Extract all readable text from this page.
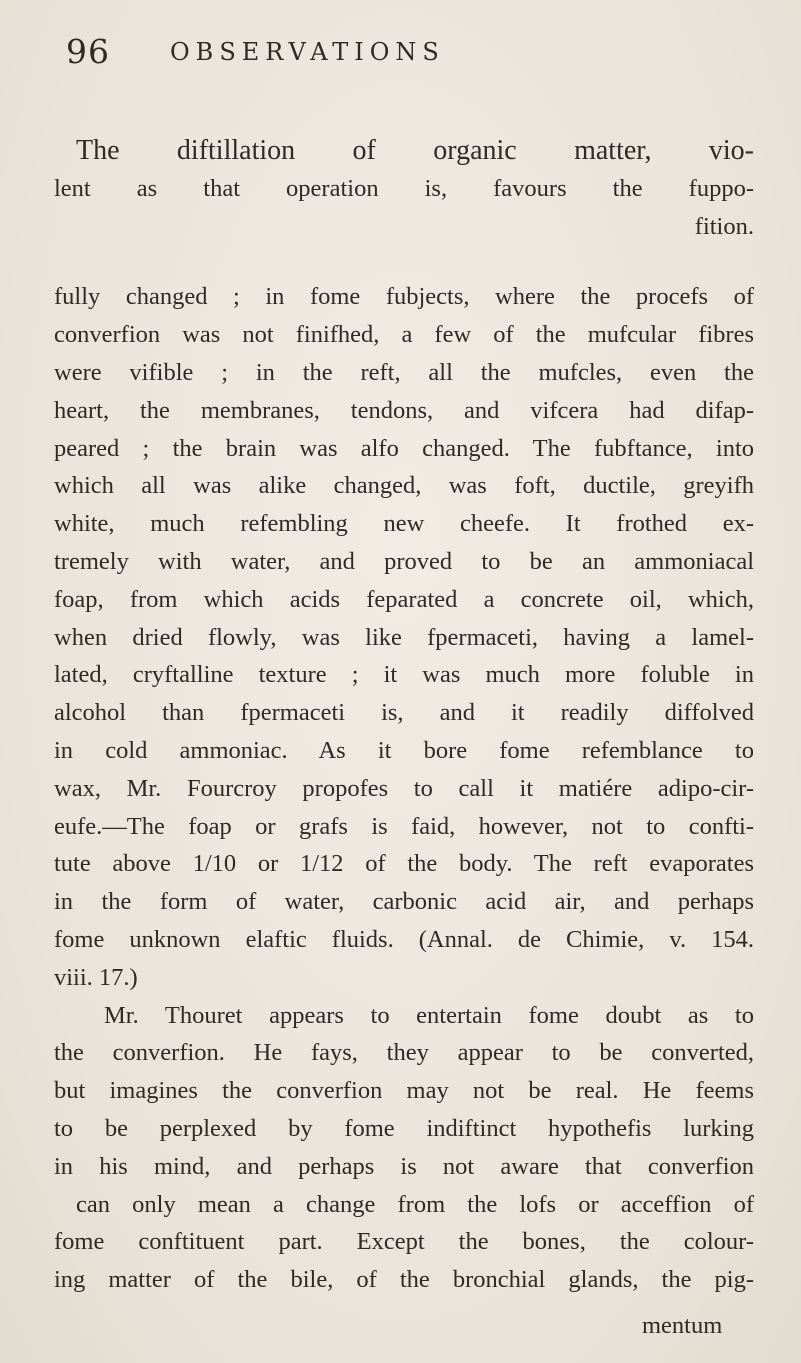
96	OBSERVATIONS
The diftillation of organic matter, vio-
lent as that operation is, favours the fuppo-
fition.
fully changed ; in fome fubjects, where the procefs of
converfion was not finifhed, a few of the mufcular fibres
were vifible ; in the reft, all the mufcles, even the
heart, the membranes, tendons, and vifcera had difap-
peared ; the brain was alfo changed. The fubftance, into
which all was alike changed, was foft, ductile, greyifh
white, much refembling new cheefe. It frothed ex-
tremely with water, and proved to be an ammoniacal
foap, from which acids feparated a concrete oil, which,
when dried flowly, was like fpermaceti, having a lamel-
lated, cryftalline texture ; it was much more foluble in
alcohol than fpermaceti is, and it readily diffolved
in cold ammoniac. As it bore fome refemblance to
wax, Mr. Fourcroy propofes to call it matiére adipo-cir-
eufe.—The foap or grafs is faid, however, not to confti-
tute above 1/10 or 1/12 of the body. The reft evaporates
in the form of water, carbonic acid air, and perhaps
fome unknown elaftic fluids. (Annal. de Chimie, v. 154.
viii. 17.)
Mr. Thouret appears to entertain fome doubt as to
the converfion. He fays, they appear to be converted,
but imagines the converfion may not be real. He feems
to be perplexed by fome indiftinct hypothefis lurking
in his mind, and perhaps is not aware that converfion
can only mean a change from the lofs or acceffion of
fome conftituent part. Except the bones, the colour-
ing matter of the bile, of the bronchial glands, the pig-
mentum
